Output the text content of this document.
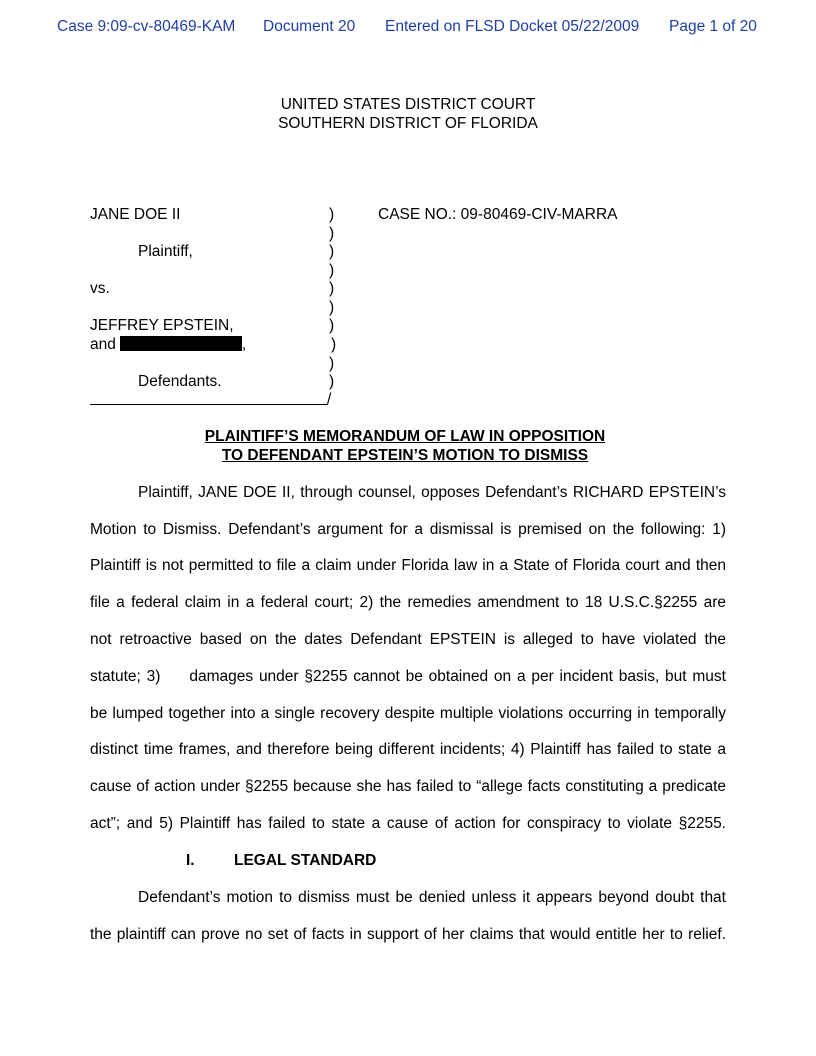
Case 9:09-cv-80469-KAM Document 20 Entered on FLSD Docket 05/22/2009 Page 1 of 20
UNITED STATES DISTRICT COURT
SOUTHERN DISTRICT OF FLORIDA
JANE DOE II
Plaintiff,
vs.
JEFFREY EPSTEIN,
and	,
Defendants.
)
)
)
)
)
)
)
)
)
)
/
CASE NO.: 09-80469-CIV-MARRA
PLAINTIFF’S MEMORANDUM OF LAW IN OPPOSITION
TO DEFENDANT EPSTEIN’S MOTION TO DISMISS
Plaintiff, JANE DOE II, through counsel, opposes Defendant’s RICHARD EPSTEIN’s
Motion to Dismiss. Defendant’s argument for a dismissal is premised on the following: 1)
Plaintiff is not permitted to file a claim under Florida law in a State of Florida court and then
file a federal claim in a federal court; 2) the remedies amendment to 18 U.S.C.§2255 are
not retroactive based on the dates Defendant EPSTEIN is alleged to have violated the
statute; 3)     damages under §2255 cannot be obtained on a per incident basis, but must
be lumped together into a single recovery despite multiple violations occurring in temporally
distinct time frames, and therefore being different incidents; 4) Plaintiff has failed to state a
cause of action under §2255 because she has failed to “allege facts constituting a predicate
act”; and 5) Plaintiff has failed to state a cause of action for conspiracy to violate §2255.
I.	LEGAL STANDARD
Defendant’s motion to dismiss must be denied unless it appears beyond doubt that
the plaintiff can prove no set of facts in support of her claims that would entitle her to relief.
